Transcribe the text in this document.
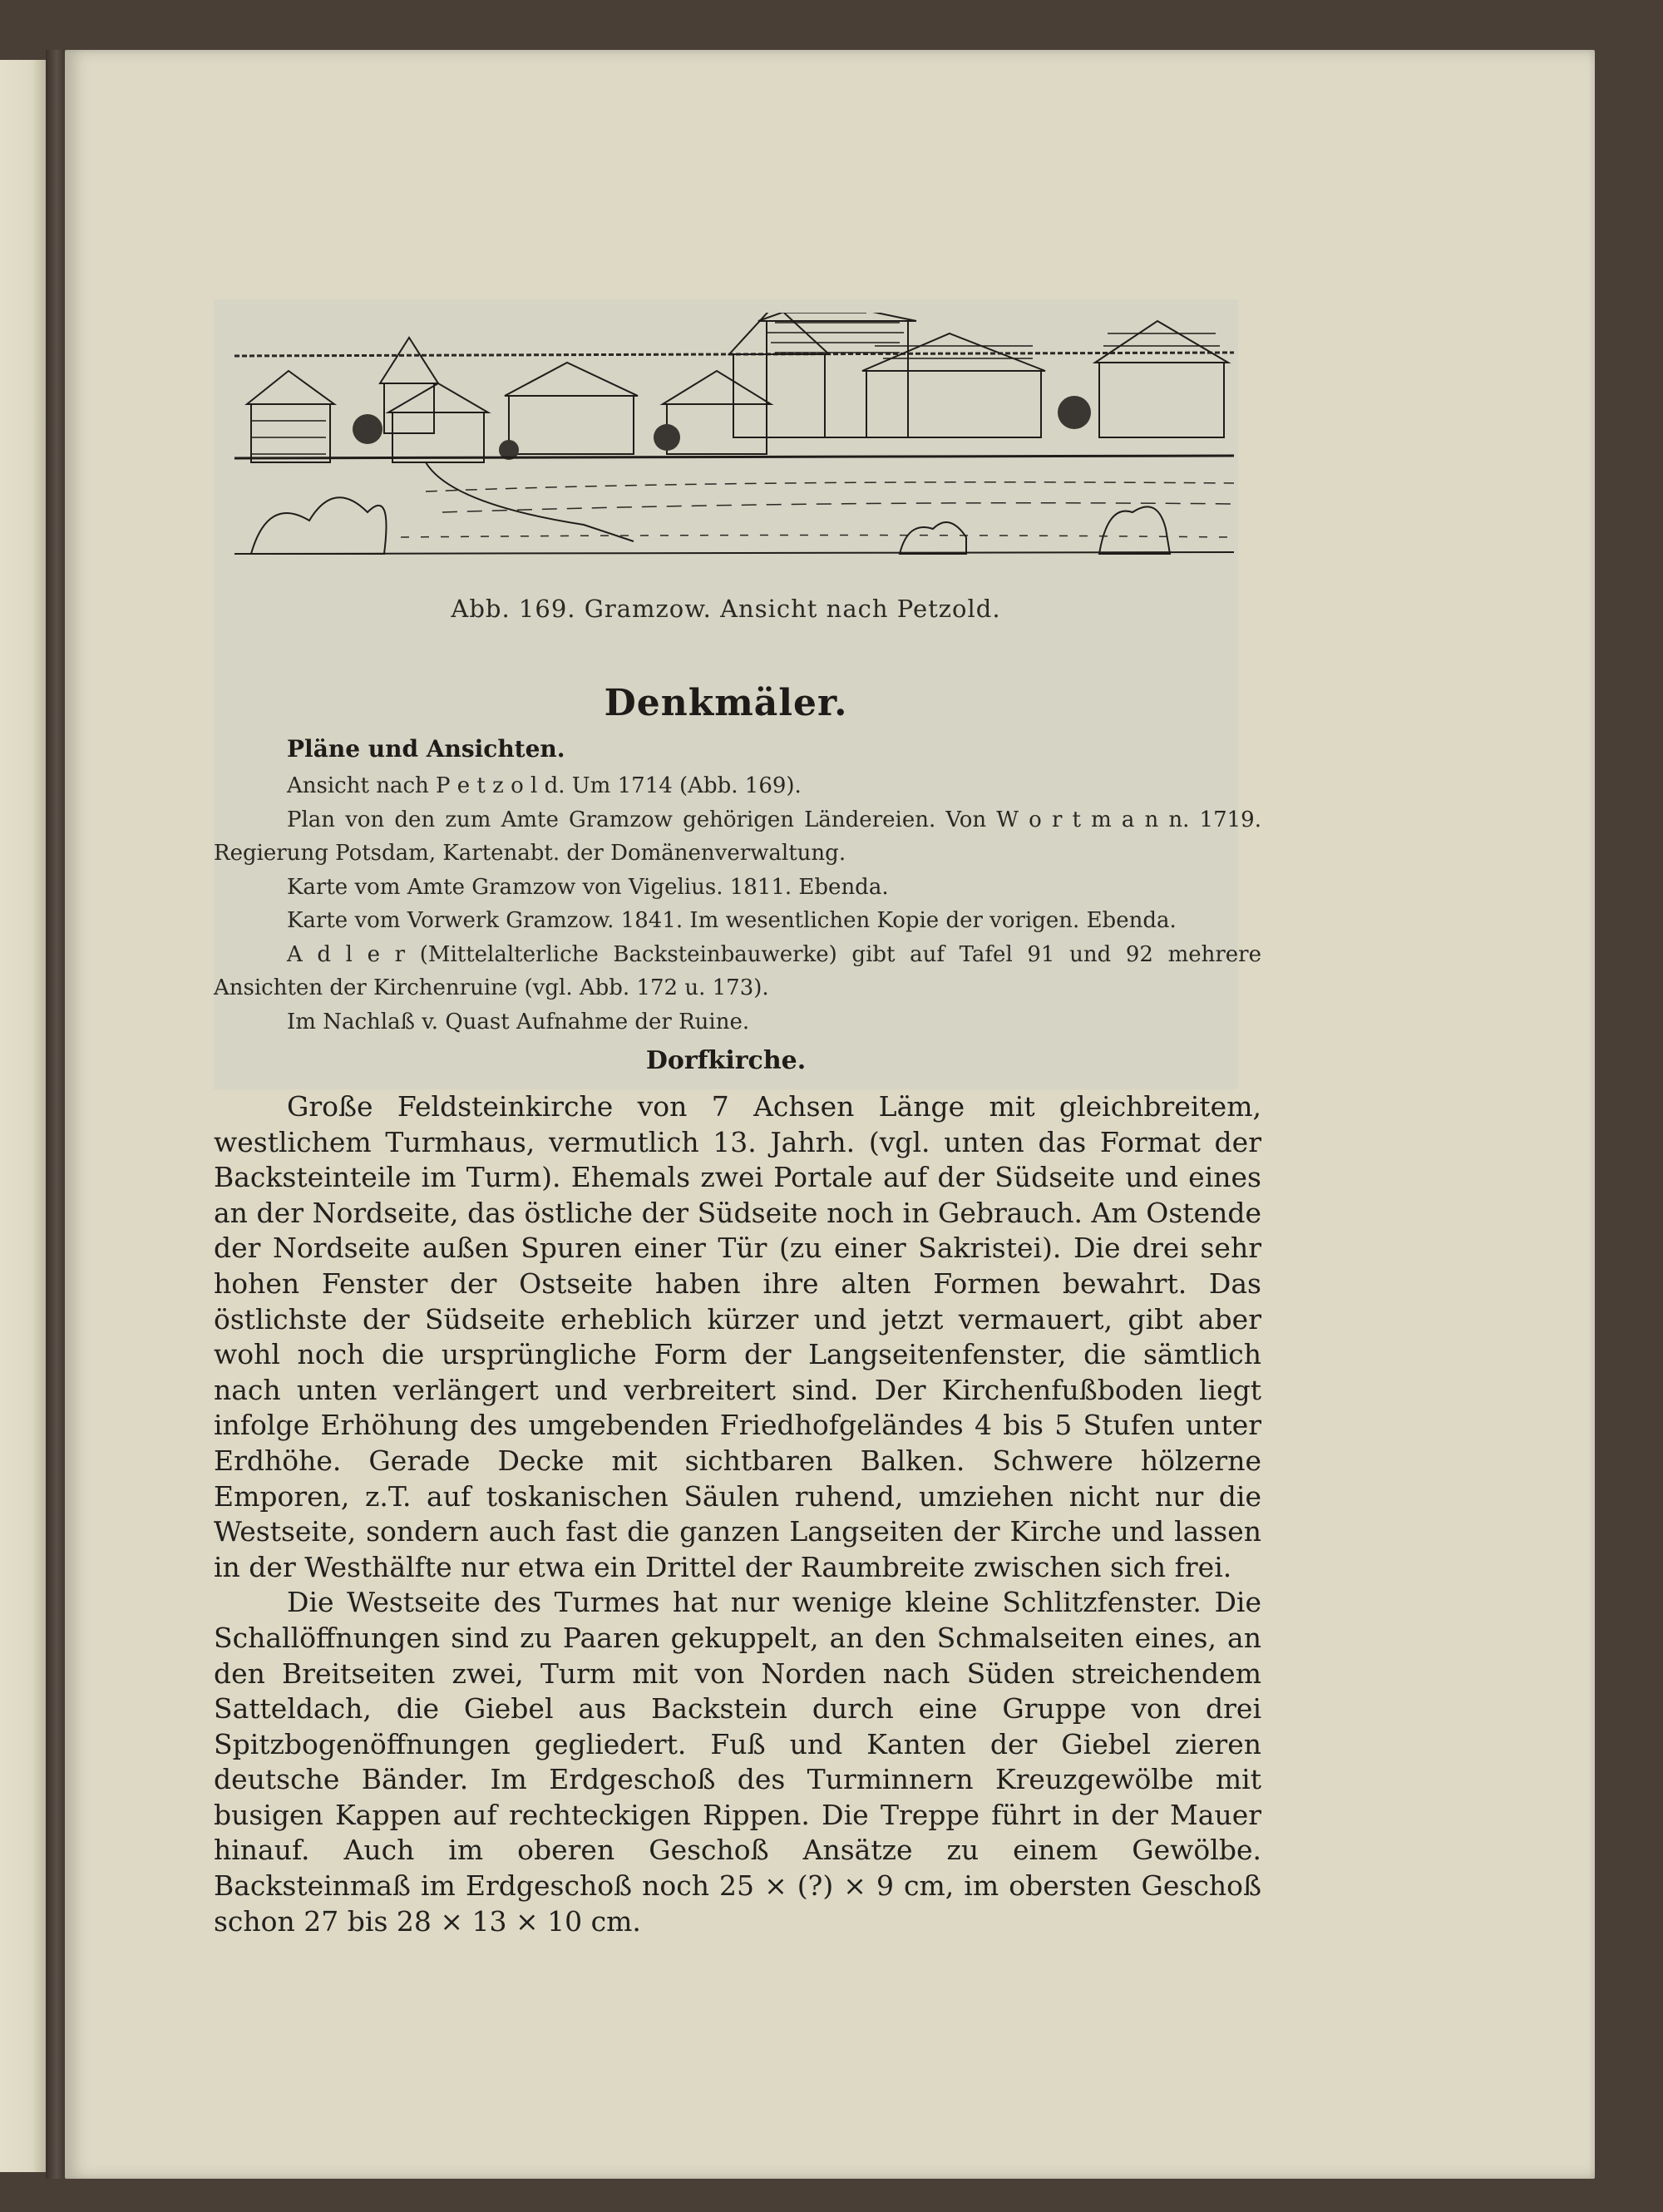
Abb. 169. Gramzow. Ansicht nach Petzold.
Denkmäler.
Pläne und Ansichten.

Ansicht nach P e t z o l d. Um 1714 (Abb. 169).

Plan von den zum Amte Gramzow gehörigen Ländereien. Von W o r t m a n n. 1719. Regierung Potsdam, Kartenabt. der Domänenverwaltung.

Karte vom Amte Gramzow von Vigelius. 1811. Ebenda.

Karte vom Vorwerk Gramzow. 1841. Im wesentlichen Kopie der vorigen. Ebenda.

A d l e r (Mittelalterliche Backsteinbauwerke) gibt auf Tafel 91 und 92 mehrere Ansichten der Kirchenruine (vgl. Abb. 172 u. 173).

Im Nachlaß v. Quast Aufnahme der Ruine.

Dorfkirche.

Große Feldsteinkirche von 7 Achsen Länge mit gleichbreitem, westlichem Turmhaus, vermutlich 13. Jahrh. (vgl. unten das Format der Backsteinteile im Turm). Ehemals zwei Portale auf der Südseite und eines an der Nordseite, das östliche der Südseite noch in Gebrauch. Am Ostende der Nordseite außen Spuren einer Tür (zu einer Sakristei). Die drei sehr hohen Fenster der Ostseite haben ihre alten Formen bewahrt. Das östlichste der Südseite erheblich kürzer und jetzt vermauert, gibt aber wohl noch die ursprüngliche Form der Langseitenfenster, die sämtlich nach unten verlängert und verbreitert sind. Der Kirchenfußboden liegt infolge Erhöhung des umgebenden Friedhofgeländes 4 bis 5 Stufen unter Erdhöhe. Gerade Decke mit sichtbaren Balken. Schwere hölzerne Emporen, z.T. auf toskanischen Säulen ruhend, umziehen nicht nur die Westseite, sondern auch fast die ganzen Langseiten der Kirche und lassen in der Westhälfte nur etwa ein Drittel der Raumbreite zwischen sich frei.

Die Westseite des Turmes hat nur wenige kleine Schlitzfenster. Die Schallöffnungen sind zu Paaren gekuppelt, an den Schmalseiten eines, an den Breitseiten zwei, Turm mit von Norden nach Süden streichendem Satteldach, die Giebel aus Backstein durch eine Gruppe von drei Spitzbogenöffnungen gegliedert. Fuß und Kanten der Giebel zieren deutsche Bänder. Im Erdgeschoß des Turminnern Kreuzgewölbe mit busigen Kappen auf rechteckigen Rippen. Die Treppe führt in der Mauer hinauf. Auch im oberen Geschoß Ansätze zu einem Gewölbe. Backsteinmaß im Erdgeschoß noch 25 × (?) × 9 cm, im obersten Geschoß schon 27 bis 28 × 13 × 10 cm.
